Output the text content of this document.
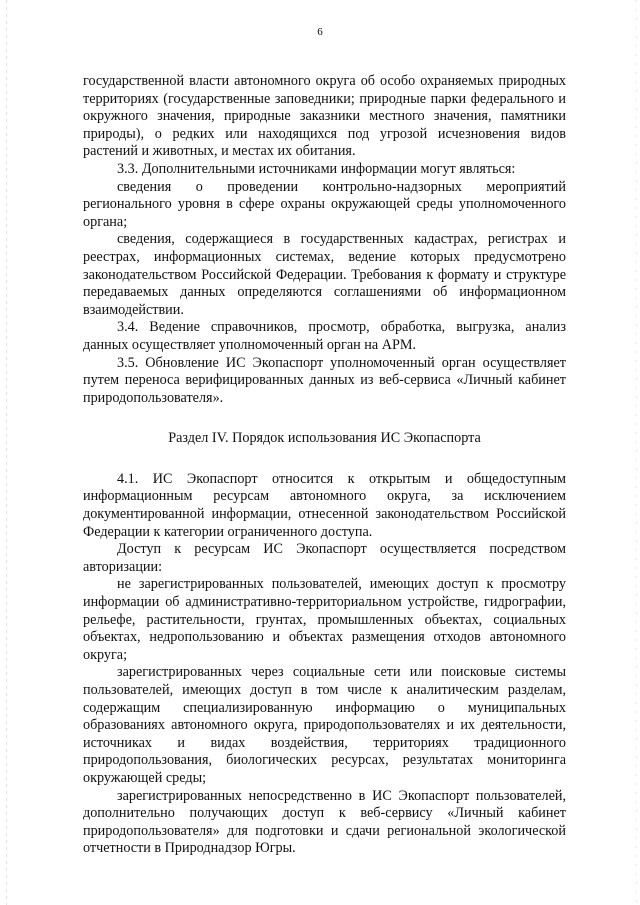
6

государственной власти автономного округа об особо охраняемых природных территориях (государственные заповедники; природные парки федерального и окружного значения, природные заказники местного значения, памятники природы), о редких или находящихся под угрозой исчезновения видов растений и животных, и местах их обитания.

3.3. Дополнительными источниками информации могут являться:

сведения о проведении контрольно-надзорных мероприятий регионального уровня в сфере охраны окружающей среды уполномоченного органа;

сведения, содержащиеся в государственных кадастрах, регистрах и реестрах, информационных системах, ведение которых предусмотрено законодательством Российской Федерации. Требования к формату и структуре передаваемых данных определяются соглашениями об информационном взаимодействии.

3.4. Ведение справочников, просмотр, обработка, выгрузка, анализ данных осуществляет уполномоченный орган на АРМ.

3.5. Обновление ИС Экопаспорт уполномоченный орган осуществляет путем переноса верифицированных данных из веб-сервиса «Личный кабинет природопользователя».

Раздел IV. Порядок использования ИС Экопаспорта

4.1. ИС Экопаспорт относится к открытым и общедоступным информационным ресурсам автономного округа, за исключением документированной информации, отнесенной законодательством Российской Федерации к категории ограниченного доступа.

Доступ к ресурсам ИС Экопаспорт осуществляется посредством авторизации:

не зарегистрированных пользователей, имеющих доступ к просмотру информации об административно-территориальном устройстве, гидрографии, рельефе, растительности, грунтах, промышленных объектах, социальных объектах, недропользованию и объектах размещения отходов автономного округа;

зарегистрированных через социальные сети или поисковые системы пользователей, имеющих доступ в том числе к аналитическим разделам, содержащим специализированную информацию о муниципальных образованиях автономного округа, природопользователях и их деятельности, источниках и видах воздействия, территориях традиционного природопользования, биологических ресурсах, результатах мониторинга окружающей среды;

зарегистрированных непосредственно в ИС Экопаспорт пользователей, дополнительно получающих доступ к веб-сервису «Личный кабинет природопользователя» для подготовки и сдачи региональной экологической отчетности в Природнадзор Югры.
